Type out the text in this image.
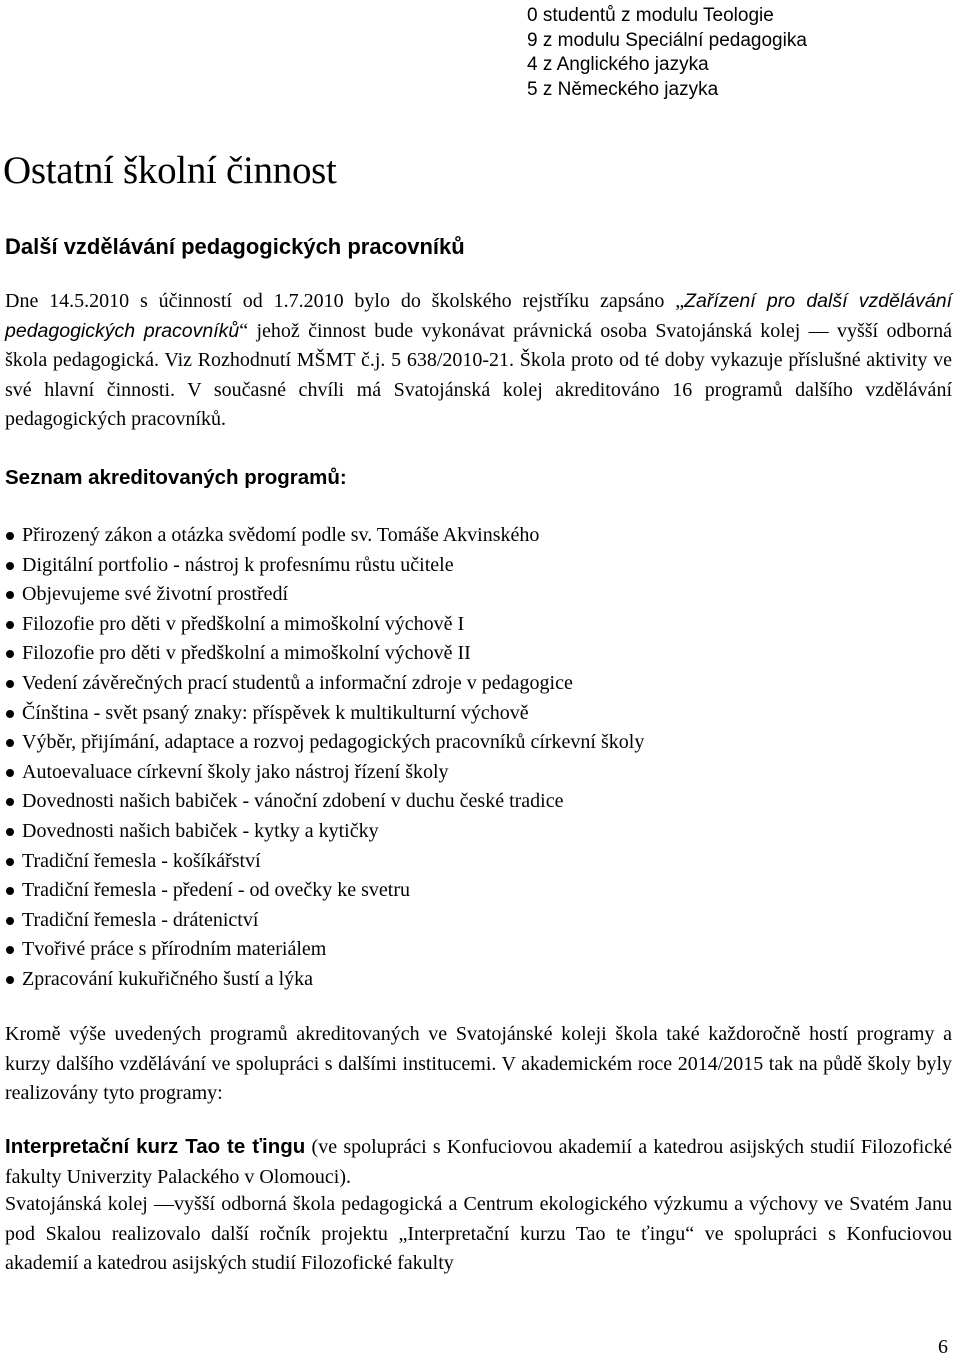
0 studentů z modulu Teologie
9 z modulu Speciální pedagogika
4 z Anglického jazyka
5 z Německého jazyka
Ostatní školní činnost
Další vzdělávání pedagogických pracovníků
Dne 14.5.2010 s účinností od 1.7.2010 bylo do školského rejstříku zapsáno „Zařízení pro další vzdělávání pedagogických pracovníků“ jehož činnost bude vykonávat právnická osoba Svatojánská kolej — vyšší odborná škola pedagogická. Viz Rozhodnutí MŠMT č.j. 5 638/2010-21. Škola proto od té doby vykazuje příslušné aktivity ve své hlavní činnosti. V současné chvíli má Svatojánská kolej akreditováno 16 programů dalšího vzdělávání pedagogických pracovníků.
Seznam akreditovaných programů:
Přirozený zákon a otázka svědomí podle sv. Tomáše Akvinského
Digitální portfolio - nástroj k profesnímu růstu učitele
Objevujeme své životní prostředí
Filozofie pro děti v předškolní a mimoškolní výchově I
Filozofie pro děti v předškolní a mimoškolní výchově II
Vedení závěrečných prací studentů a informační zdroje v pedagogice
Čínština - svět psaný znaky: příspěvek k multikulturní výchově
Výběr, přijímání, adaptace a rozvoj pedagogických pracovníků církevní školy
Autoevaluace církevní školy jako nástroj řízení školy
Dovednosti našich babiček - vánoční zdobení v duchu české tradice
Dovednosti našich babiček - kytky a kytičky
Tradiční řemesla - košíkářství
Tradiční řemesla - předení - od ovečky ke svetru
Tradiční řemesla - drátenictví
Tvořivé práce s přírodním materiálem
Zpracování kukuřičného šustí a lýka
Kromě výše uvedených programů akreditovaných ve Svatojánské koleji škola také každoročně hostí programy a kurzy dalšího vzdělávání ve spolupráci s dalšími institucemi. V akademickém roce 2014/2015 tak na půdě školy byly realizovány tyto programy:
Interpretační kurz Tao te ťingu (ve spolupráci s Konfuciovou akademií a katedrou asijských studií Filozofické fakulty Univerzity Palackého v Olomouci).
Svatojánská kolej —vyšší odborná škola pedagogická a Centrum ekologického výzkumu a výchovy ve Svatém Janu pod Skalou realizovalo další ročník projektu „Interpretační kurzu Tao te ťingu“ ve spolupráci s Konfuciovou akademií a katedrou asijských studií Filozofické fakulty
6
